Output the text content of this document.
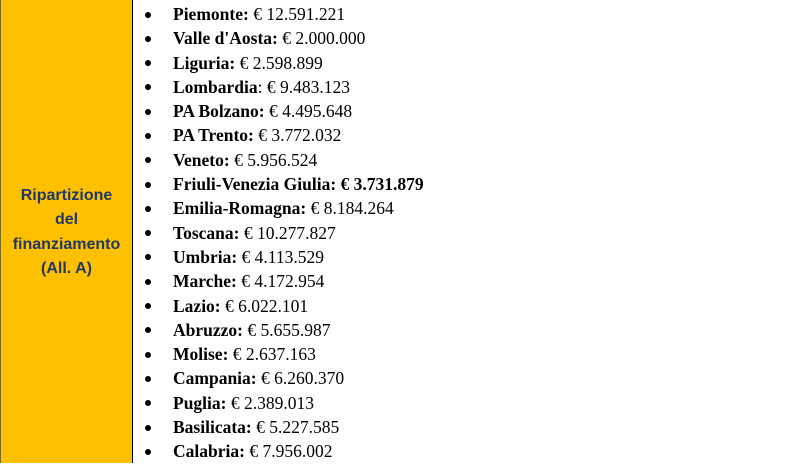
Ripartizione
del
finanziamento
(All. A)
Piemonte: € 12.591.221
Valle d'Aosta: € 2.000.000
Liguria: € 2.598.899
Lombardia: € 9.483.123
PA Bolzano: € 4.495.648
PA Trento: € 3.772.032
Veneto: € 5.956.524
Friuli-Venezia Giulia: € 3.731.879
Emilia-Romagna: € 8.184.264
Toscana: € 10.277.827
Umbria: € 4.113.529
Marche: € 4.172.954
Lazio: € 6.022.101
Abruzzo: € 5.655.987
Molise: € 2.637.163
Campania: € 6.260.370
Puglia: € 2.389.013
Basilicata: € 5.227.585
Calabria: € 7.956.002
